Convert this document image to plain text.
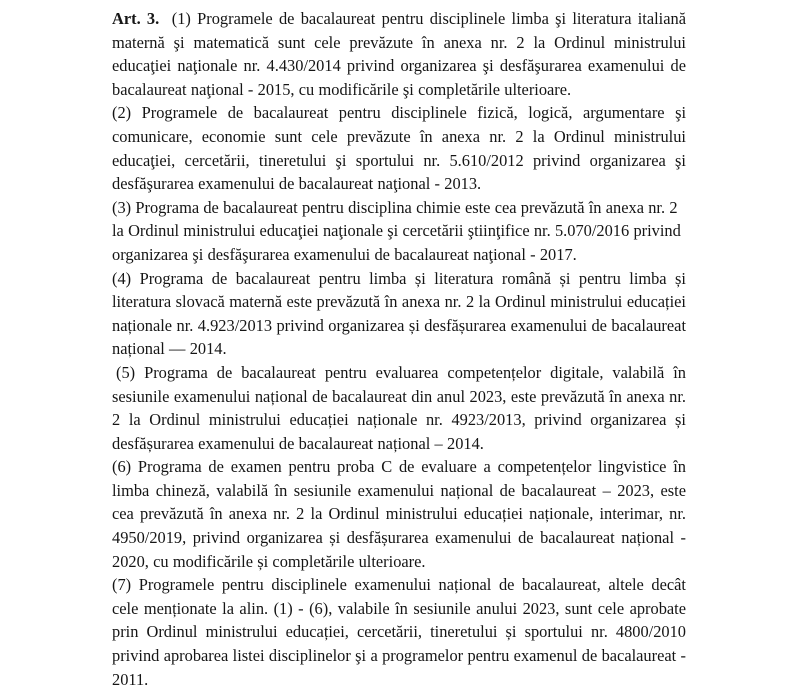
Art. 3. (1) Programele de bacalaureat pentru disciplinele limba şi literatura italiană maternă şi matematică sunt cele prevăzute în anexa nr. 2 la Ordinul ministrului educaţiei naţionale nr. 4.430/2014 privind organizarea şi desfăşurarea examenului de bacalaureat naţional - 2015, cu modificările şi completările ulterioare.

(2) Programele de bacalaureat pentru disciplinele fizică, logică, argumentare şi comunicare, economie sunt cele prevăzute în anexa nr. 2 la Ordinul ministrului educaţiei, cercetării, tineretului şi sportului nr. 5.610/2012 privind organizarea şi desfăşurarea examenului de bacalaureat naţional - 2013.

(3) Programa de bacalaureat pentru disciplina chimie este cea prevăzută în anexa nr. 2
la Ordinul ministrului educaţiei naţionale şi cercetării ştiinţifice nr. 5.070/2016 privind
organizarea şi desfăşurarea examenului de bacalaureat naţional - 2017.

(4) Programa de bacalaureat pentru limba și literatura română și pentru limba și literatura slovacă maternă este prevăzută în anexa nr. 2 la Ordinul ministrului educației naționale nr. 4.923/2013 privind organizarea și desfășurarea examenului de bacalaureat național — 2014.

(5) Programa de bacalaureat pentru evaluarea competențelor digitale, valabilă în sesiunile examenului național de bacalaureat din anul 2023, este prevăzută în anexa nr. 2 la Ordinul ministrului educației naționale nr. 4923/2013, privind organizarea și desfășurarea examenului de bacalaureat național – 2014.

(6) Programa de examen pentru proba C de evaluare a competențelor lingvistice în limba chineză, valabilă în sesiunile examenului național de bacalaureat – 2023, este cea prevăzută în anexa nr. 2 la Ordinul ministrului educației naționale, interimar, nr. 4950/2019, privind organizarea și desfășurarea examenului de bacalaureat național - 2020, cu modificările și completările ulterioare.

(7) Programele pentru disciplinele examenului național de bacalaureat, altele decât cele menționate la alin. (1) - (6), valabile în sesiunile anului 2023, sunt cele aprobate prin Ordinul ministrului educației, cercetării, tineretului și sportului nr. 4800/2010 privind aprobarea listei disciplinelor şi a programelor pentru examenul de bacalaureat - 2011.
